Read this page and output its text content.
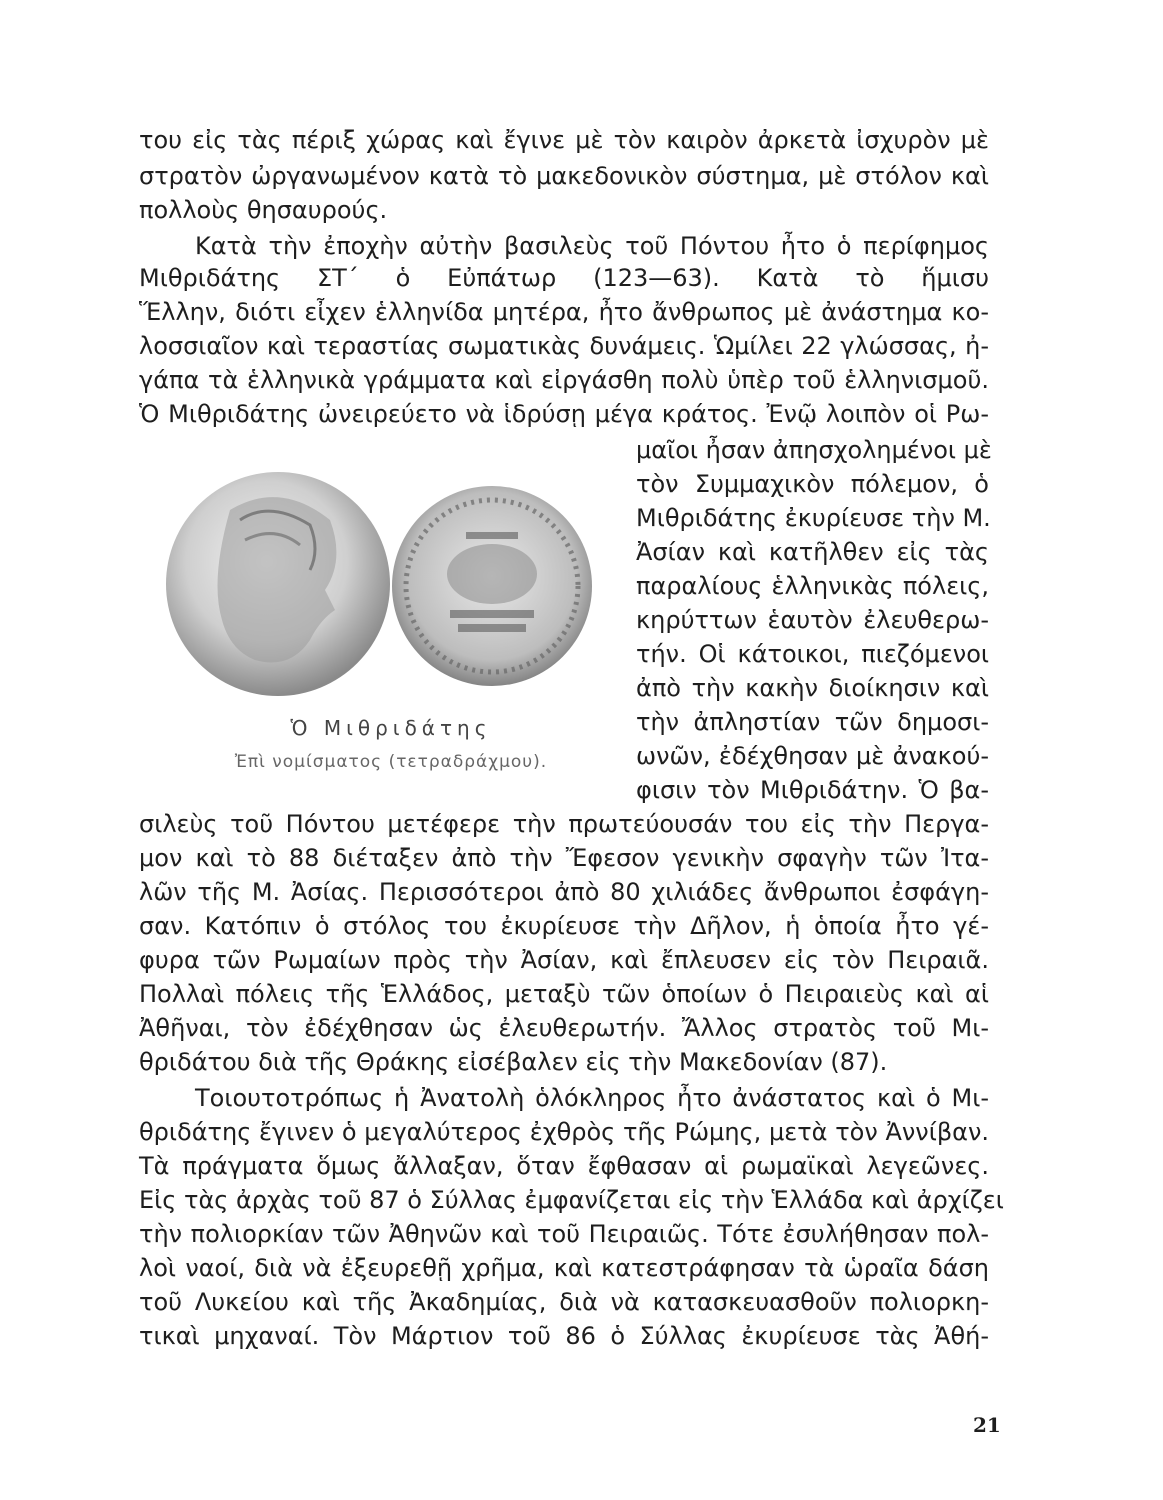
του εἰς τὰς πέριξ χώρας καὶ ἔγινε μὲ τὸν καιρὸν ἀρκετὰ ἰσχυρὸν μὲ
στρατὸν ὠργανωμένον κατὰ τὸ μακεδονικὸν σύστημα, μὲ στόλον καὶ
πολλοὺς θησαυρούς.
Κατὰ τὴν ἐποχὴν αὐτὴν βασιλεὺς τοῦ Πόντου ἦτο ὁ περίφημος
Μιθριδάτης ΣΤ΄ ὁ Εὐπάτωρ (123—63). Κατὰ τὸ ἥμισυ
Ἕλλην, διότι εἶχεν ἑλληνίδα μητέρα, ἦτο ἄνθρωπος μὲ ἀνάστημα κο-
λοσσιαῖον καὶ τεραστίας σωματικὰς δυνάμεις. Ὡμίλει 22 γλώσσας, ἠ-
γάπα τὰ ἑλληνικὰ γράμματα καὶ εἰργάσθη πολὺ ὑπὲρ τοῦ ἑλληνισμοῦ.
Ὁ Μιθριδάτης ὠνειρεύετο νὰ ἱδρύσῃ μέγα κράτος. Ἐνῷ λοιπὸν οἱ Ρω-
Ὁ Μιθριδάτης
Ἐπὶ νομίσματος (τετραδράχμου).
μαῖοι ἦσαν ἀπησχολημένοι μὲ
τὸν Συμμαχικὸν πόλεμον, ὁ
Μιθριδάτης ἐκυρίευσε τὴν Μ.
Ἀσίαν καὶ κατῆλθεν εἰς τὰς
παραλίους ἑλληνικὰς πόλεις,
κηρύττων ἑαυτὸν ἐλευθερω-
τήν. Οἱ κάτοικοι, πιεζόμενοι
ἀπὸ τὴν κακὴν διοίκησιν καὶ
τὴν ἀπληστίαν τῶν δημοσι-
ωνῶν, ἐδέχθησαν μὲ ἀνακού-
φισιν τὸν Μιθριδάτην. Ὁ βα-
σιλεὺς τοῦ Πόντου μετέφερε τὴν πρωτεύουσάν του εἰς τὴν Περγα-
μον καὶ τὸ 88 διέταξεν ἀπὸ τὴν Ἔφεσον γενικὴν σφαγὴν τῶν Ἰτα-
λῶν τῆς Μ. Ἀσίας. Περισσότεροι ἀπὸ 80 χιλιάδες ἄνθρωποι ἐσφάγη-
σαν. Κατόπιν ὁ στόλος του ἐκυρίευσε τὴν Δῆλον, ἡ ὁποία ἦτο γέ-
φυρα τῶν Ρωμαίων πρὸς τὴν Ἀσίαν, καὶ ἔπλευσεν εἰς τὸν Πειραιᾶ.
Πολλαὶ πόλεις τῆς Ἑλλάδος, μεταξὺ τῶν ὁποίων ὁ Πειραιεὺς καὶ αἱ
Ἀθῆναι, τὸν ἐδέχθησαν ὡς ἐλευθερωτήν. Ἄλλος στρατὸς τοῦ Μι-
θριδάτου διὰ τῆς Θράκης εἰσέβαλεν εἰς τὴν Μακεδονίαν (87).
Τοιουτοτρόπως ἡ Ἀνατολὴ ὁλόκληρος ἦτο ἀνάστατος καὶ ὁ Μι-
θριδάτης ἔγινεν ὁ μεγαλύτερος ἐχθρὸς τῆς Ρώμης, μετὰ τὸν Ἀννίβαν.
Τὰ πράγματα ὅμως ἄλλαξαν, ὅταν ἔφθασαν αἱ ρωμαϊκαὶ λεγεῶνες.
Εἰς τὰς ἀρχὰς τοῦ 87 ὁ Σύλλας ἐμφανίζεται εἰς τὴν Ἑλλάδα καὶ ἀρχίζει
τὴν πολιορκίαν τῶν Ἀθηνῶν καὶ τοῦ Πειραιῶς. Τότε ἐσυλήθησαν πολ-
λοὶ ναοί, διὰ νὰ ἐξευρεθῇ χρῆμα, καὶ κατεστράφησαν τὰ ὡραῖα δάση
τοῦ Λυκείου καὶ τῆς Ἀκαδημίας, διὰ νὰ κατασκευασθοῦν πολιορκη-
τικαὶ μηχαναί. Τὸν Μάρτιον τοῦ 86 ὁ Σύλλας ἐκυρίευσε τὰς Ἀθή-
21
